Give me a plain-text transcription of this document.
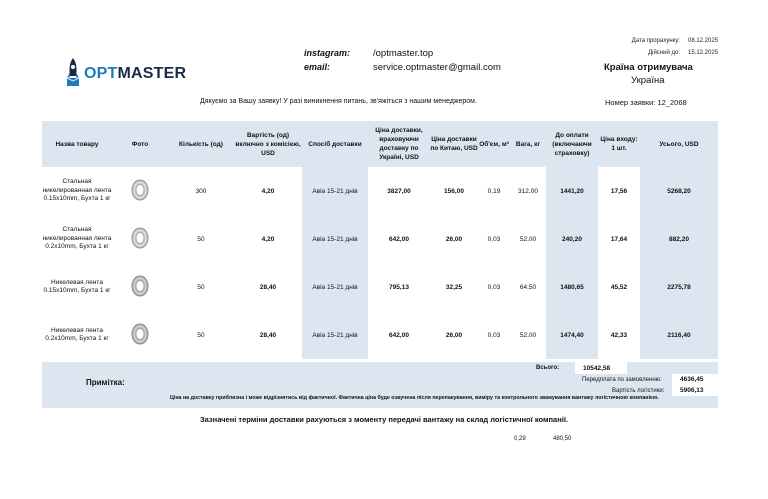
OPTMASTER
instagram: /optmaster.top
email:	service.optmaster@gmail.com
Дата прорахунку: 08.12.2025
Дійсний до: 15.12.2025
Країна отримувача
Україна
Дякуємо за Вашу заявку! У разі виникнення питань, зв'яжіться з нашим менеджером.	Номер заявки: 12_2068
Назва товару	Фото	Кількість (од)	Вартість (од) включно з комісією, USD	Спосіб доставки	Ціна доставки, враховуючи доставку по Україні, USD	Ціна доставки по Китаю, USD	Об'єм, м³	Вага, кг	До оплати (включаючи страховку)	Ціна входу: 1 шт.	Усього, USD
Стальная никелированная лента 0.15x10mm, Бухта 1 кг		300	4,20	Авіа 15-21 днів	3827,00	156,00	0,19	312,00	1441,20	17,56	5268,20
Стальная никелированная лента 0.2x10mm, Бухта 1 кг		50	4,20	Авіа 15-21 днів	642,00	26,00	0,03	52,00	240,20	17,64	882,20
Никелевая лента 0.15x10mm, Бухта 1 кг		50	28,40	Авіа 15-21 днів	795,13	32,25	0,03	64,50	1480,65	45,52	2275,78
Никелевая лента 0.2x10mm, Бухта 1 кг		50	28,40	Авіа 15-21 днів	642,00	26,00	0,03	52,00	1474,40	42,33	2116,40
Примітка:
Всього:	10542,58
Передплата по замовленню:	4636,45
Вартість логістики: 5906,13
Ціна на доставку приблизна і може відрізнятись від фактичної. Фактична ціна буде озвучена після перепакування, виміру та контрольного зважування вантажу логістичною компанією.
Зазначені терміни доставки рахуються з моменту передачі вантажу на склад логістичної компанії.
0,29	480,50
